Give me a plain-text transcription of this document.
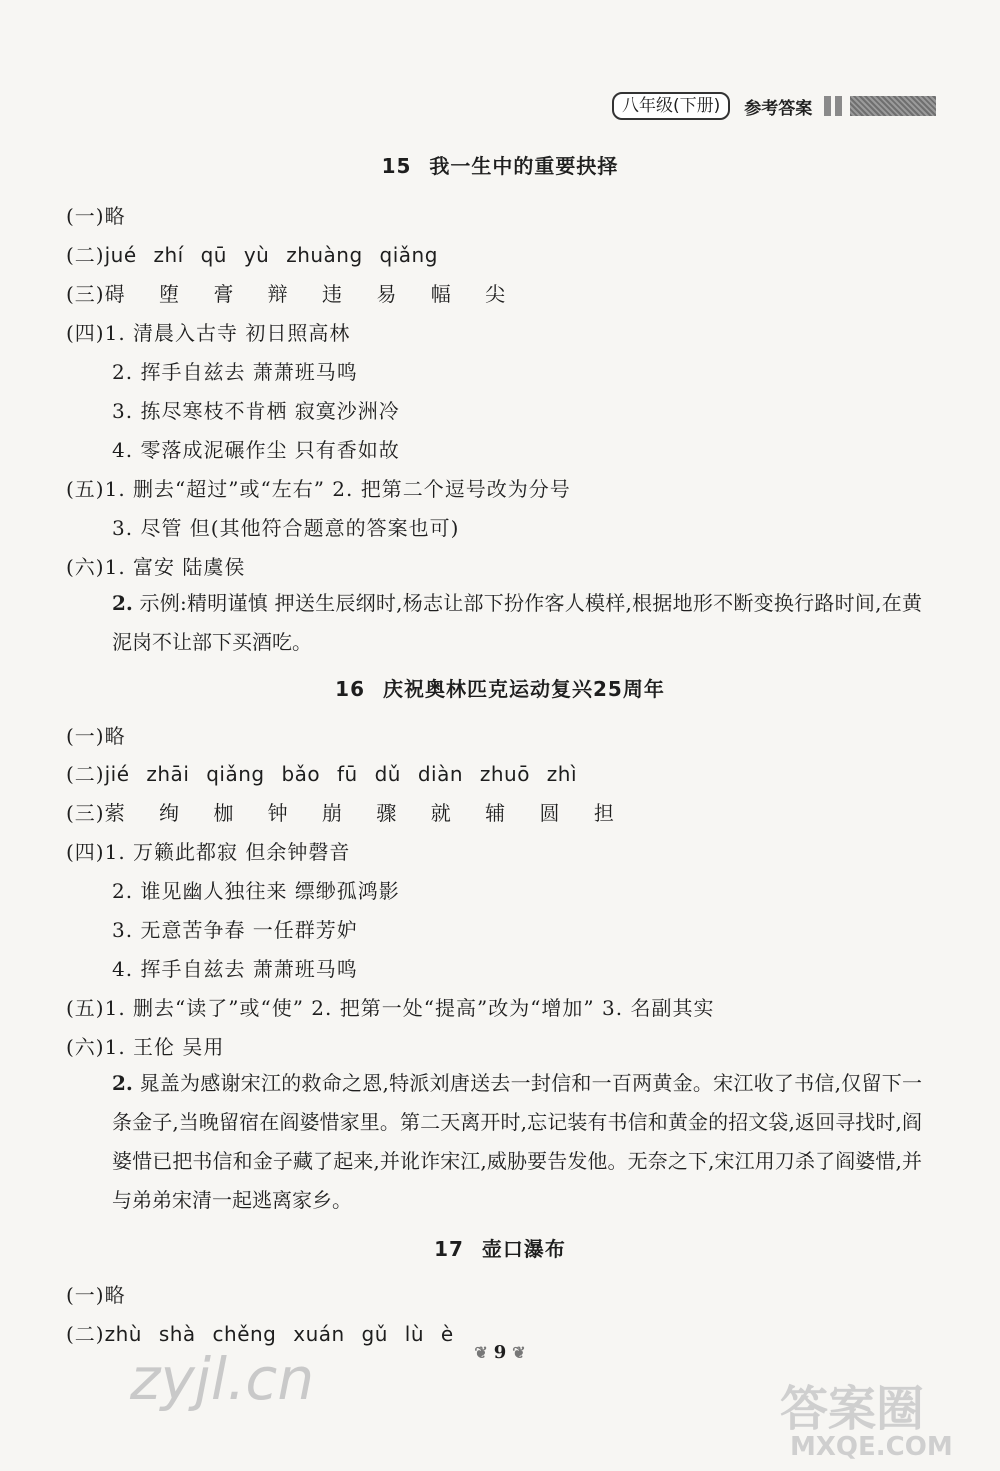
八年级(下册)	参考答案
15 我一生中的重要抉择
(一)略
(二)jué zhí qū yù zhuàng qiǎng
(三)碍 堕 膏 辩 违 易 幅 尖
(四)1. 清晨入古寺 初日照高林
2. 挥手自兹去 萧萧班马鸣
3. 拣尽寒枝不肯栖 寂寞沙洲冷
4. 零落成泥碾作尘 只有香如故
(五)1. 删去“超过”或“左右” 2. 把第二个逗号改为分号
3. 尽管 但(其他符合题意的答案也可)
(六)1. 富安 陆虞侯
2. 示例:精明谨慎 押送生辰纲时,杨志让部下扮作客人模样,根据地形不断变换行路时间,在黄泥岗不让部下买酒吃。
16 庆祝奥林匹克运动复兴25周年
(一)略
(二)jié zhāi qiǎng bǎo fū dǔ diàn zhuō zhì
(三)萦 绚 枷 钟 崩 骤 就 辅 圆 担
(四)1. 万籁此都寂 但余钟磬音
2. 谁见幽人独往来 缥缈孤鸿影
3. 无意苦争春 一任群芳妒
4. 挥手自兹去 萧萧班马鸣
(五)1. 删去“读了”或“使” 2. 把第一处“提高”改为“增加” 3. 名副其实
(六)1. 王伦 吴用
2. 晁盖为感谢宋江的救命之恩,特派刘唐送去一封信和一百两黄金。宋江收了书信,仅留下一条金子,当晚留宿在阎婆惜家里。第二天离开时,忘记装有书信和黄金的招文袋,返回寻找时,阎婆惜已把书信和金子藏了起来,并讹诈宋江,威胁要告发他。无奈之下,宋江用刀杀了阎婆惜,并与弟弟宋清一起逃离家乡。
17 壶口瀑布
(一)略
(二)zhù shà chěng xuán gǔ lù è
❦ 9 ❦
zyjl.cn	答案圈
MXQE.COM
